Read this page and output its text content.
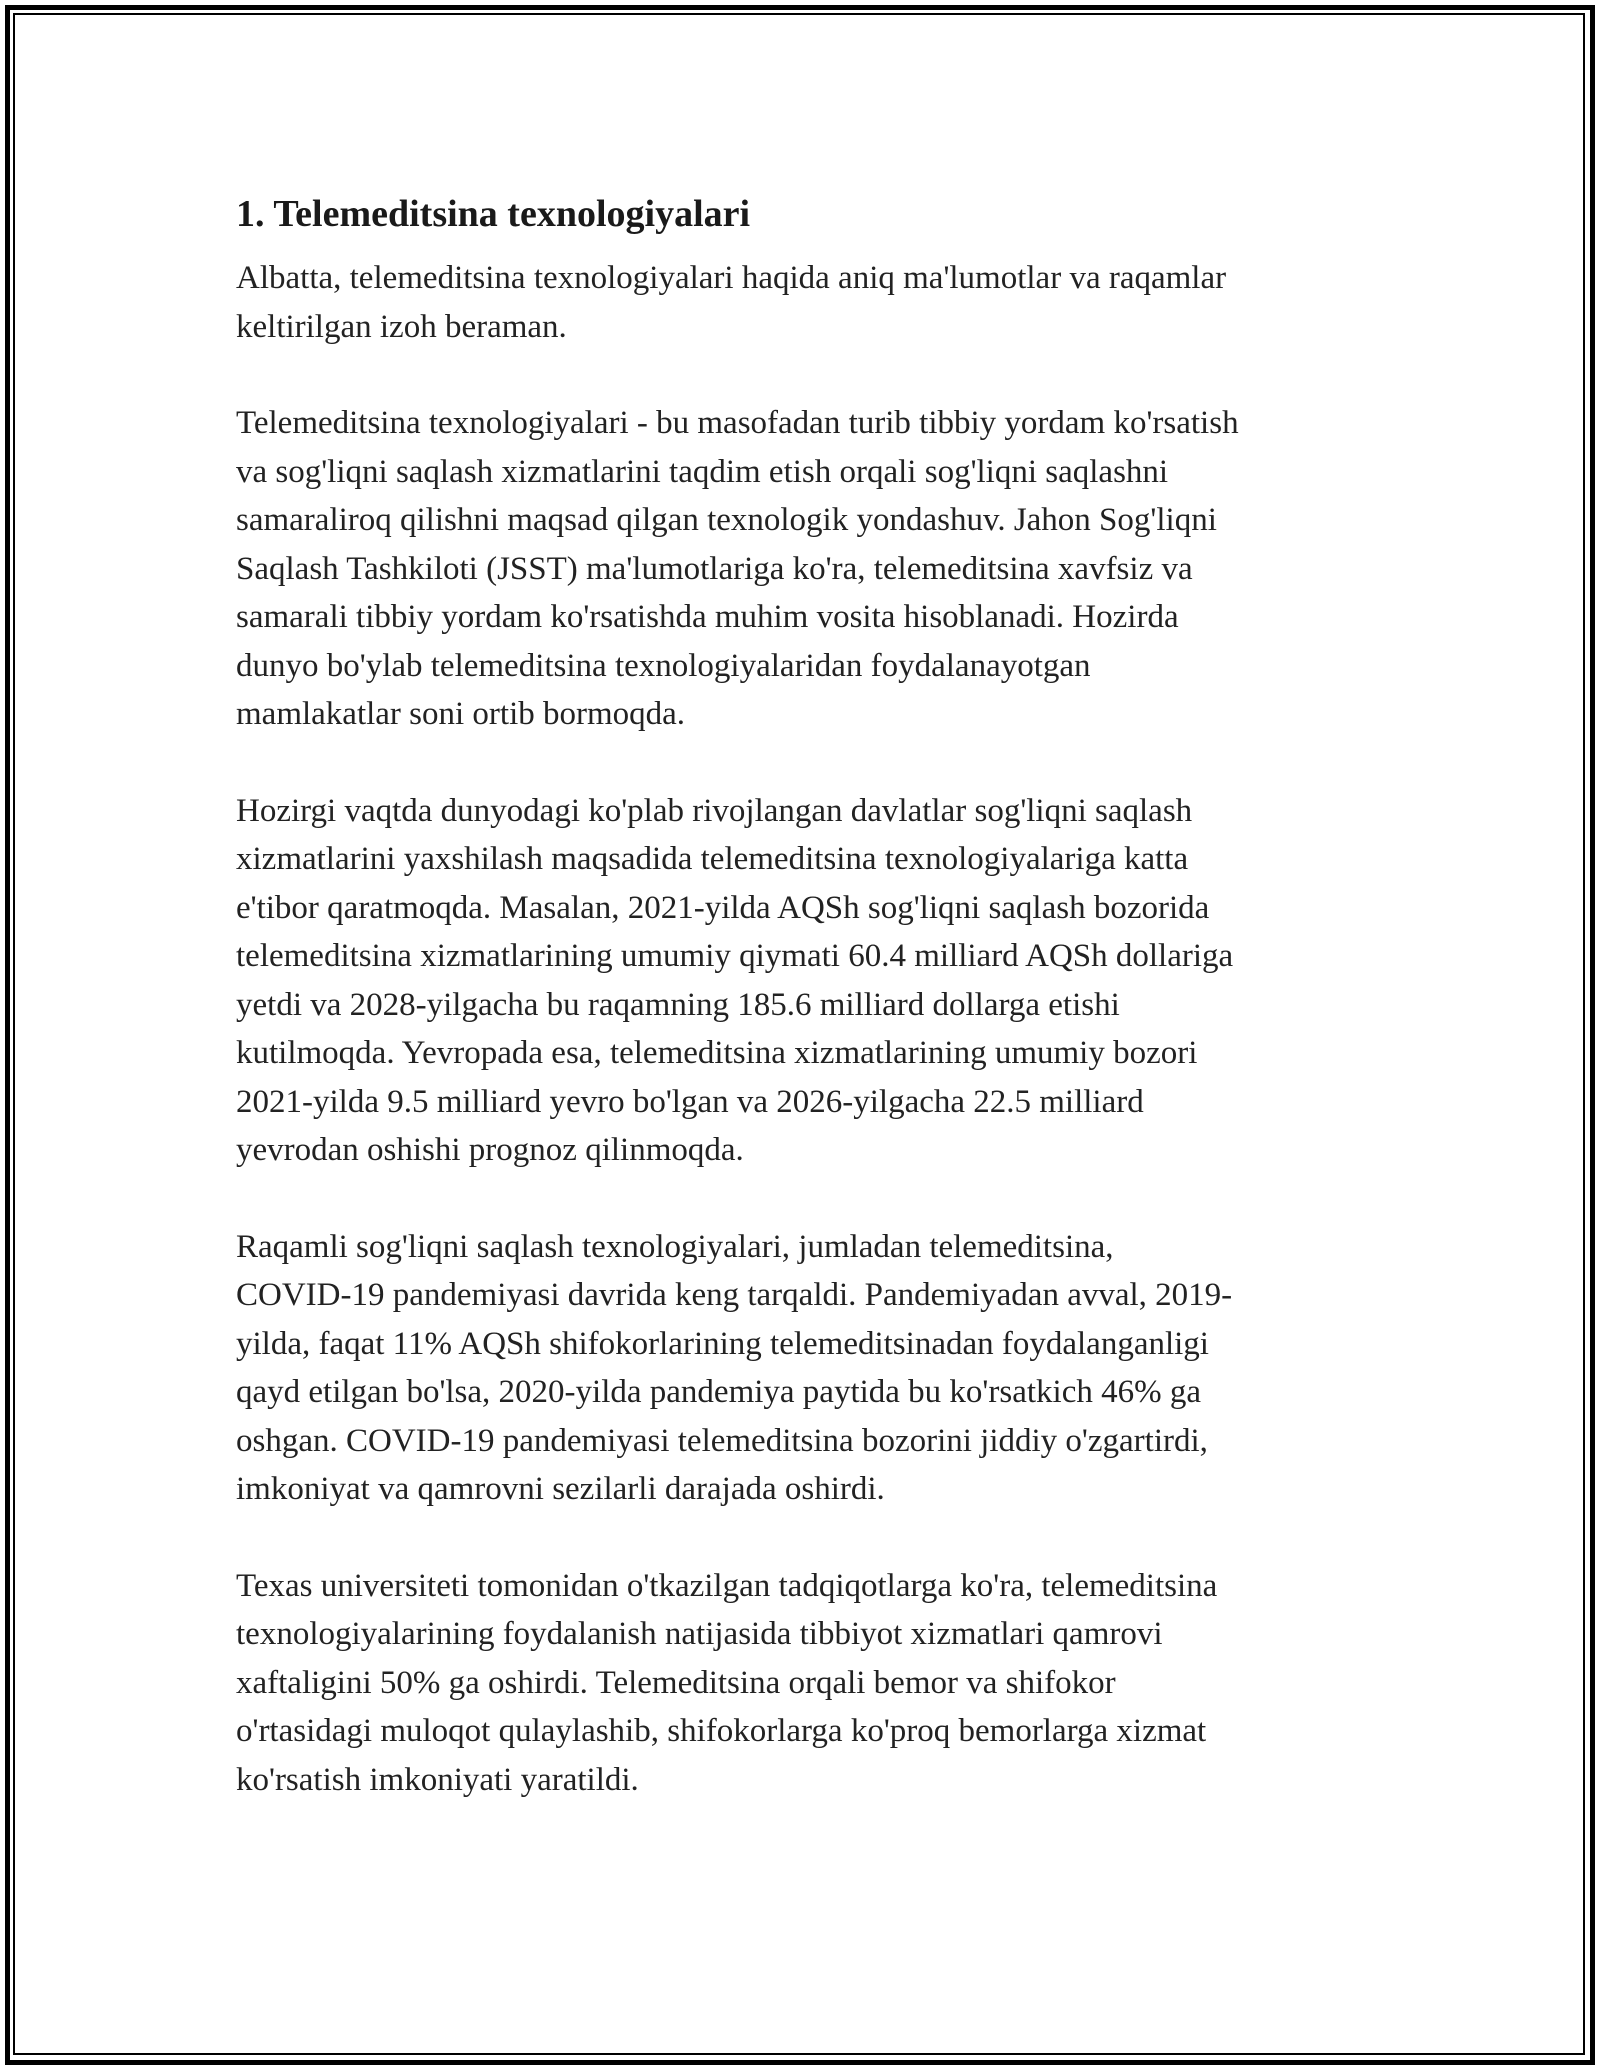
1. Telemeditsina texnologiyalari

Albatta, telemeditsina texnologiyalari haqida aniq ma'lumotlar va raqamlar
keltirilgan izoh beraman.

Telemeditsina texnologiyalari - bu masofadan turib tibbiy yordam ko'rsatish
va sog'liqni saqlash xizmatlarini taqdim etish orqali sog'liqni saqlashni
samaraliroq qilishni maqsad qilgan texnologik yondashuv. Jahon Sog'liqni
Saqlash Tashkiloti (JSST) ma'lumotlariga ko'ra, telemeditsina xavfsiz va
samarali tibbiy yordam ko'rsatishda muhim vosita hisoblanadi. Hozirda
dunyo bo'ylab telemeditsina texnologiyalaridan foydalanayotgan
mamlakatlar soni ortib bormoqda.

Hozirgi vaqtda dunyodagi ko'plab rivojlangan davlatlar sog'liqni saqlash
xizmatlarini yaxshilash maqsadida telemeditsina texnologiyalariga katta
e'tibor qaratmoqda. Masalan, 2021-yilda AQSh sog'liqni saqlash bozorida
telemeditsina xizmatlarining umumiy qiymati 60.4 milliard AQSh dollariga
yetdi va 2028-yilgacha bu raqamning 185.6 milliard dollarga etishi
kutilmoqda. Yevropada esa, telemeditsina xizmatlarining umumiy bozori
2021-yilda 9.5 milliard yevro bo'lgan va 2026-yilgacha 22.5 milliard
yevrodan oshishi prognoz qilinmoqda.

Raqamli sog'liqni saqlash texnologiyalari, jumladan telemeditsina,
COVID-19 pandemiyasi davrida keng tarqaldi. Pandemiyadan avval, 2019-
yilda, faqat 11% AQSh shifokorlarining telemeditsinadan foydalanganligi
qayd etilgan bo'lsa, 2020-yilda pandemiya paytida bu ko'rsatkich 46% ga
oshgan. COVID-19 pandemiyasi telemeditsina bozorini jiddiy o'zgartirdi,
imkoniyat va qamrovni sezilarli darajada oshirdi.

Texas universiteti tomonidan o'tkazilgan tadqiqotlarga ko'ra, telemeditsina
texnologiyalarining foydalanish natijasida tibbiyot xizmatlari qamrovi
xaftaligini 50% ga oshirdi. Telemeditsina orqali bemor va shifokor
o'rtasidagi muloqot qulaylashib, shifokorlarga ko'proq bemorlarga xizmat
ko'rsatish imkoniyati yaratildi.
